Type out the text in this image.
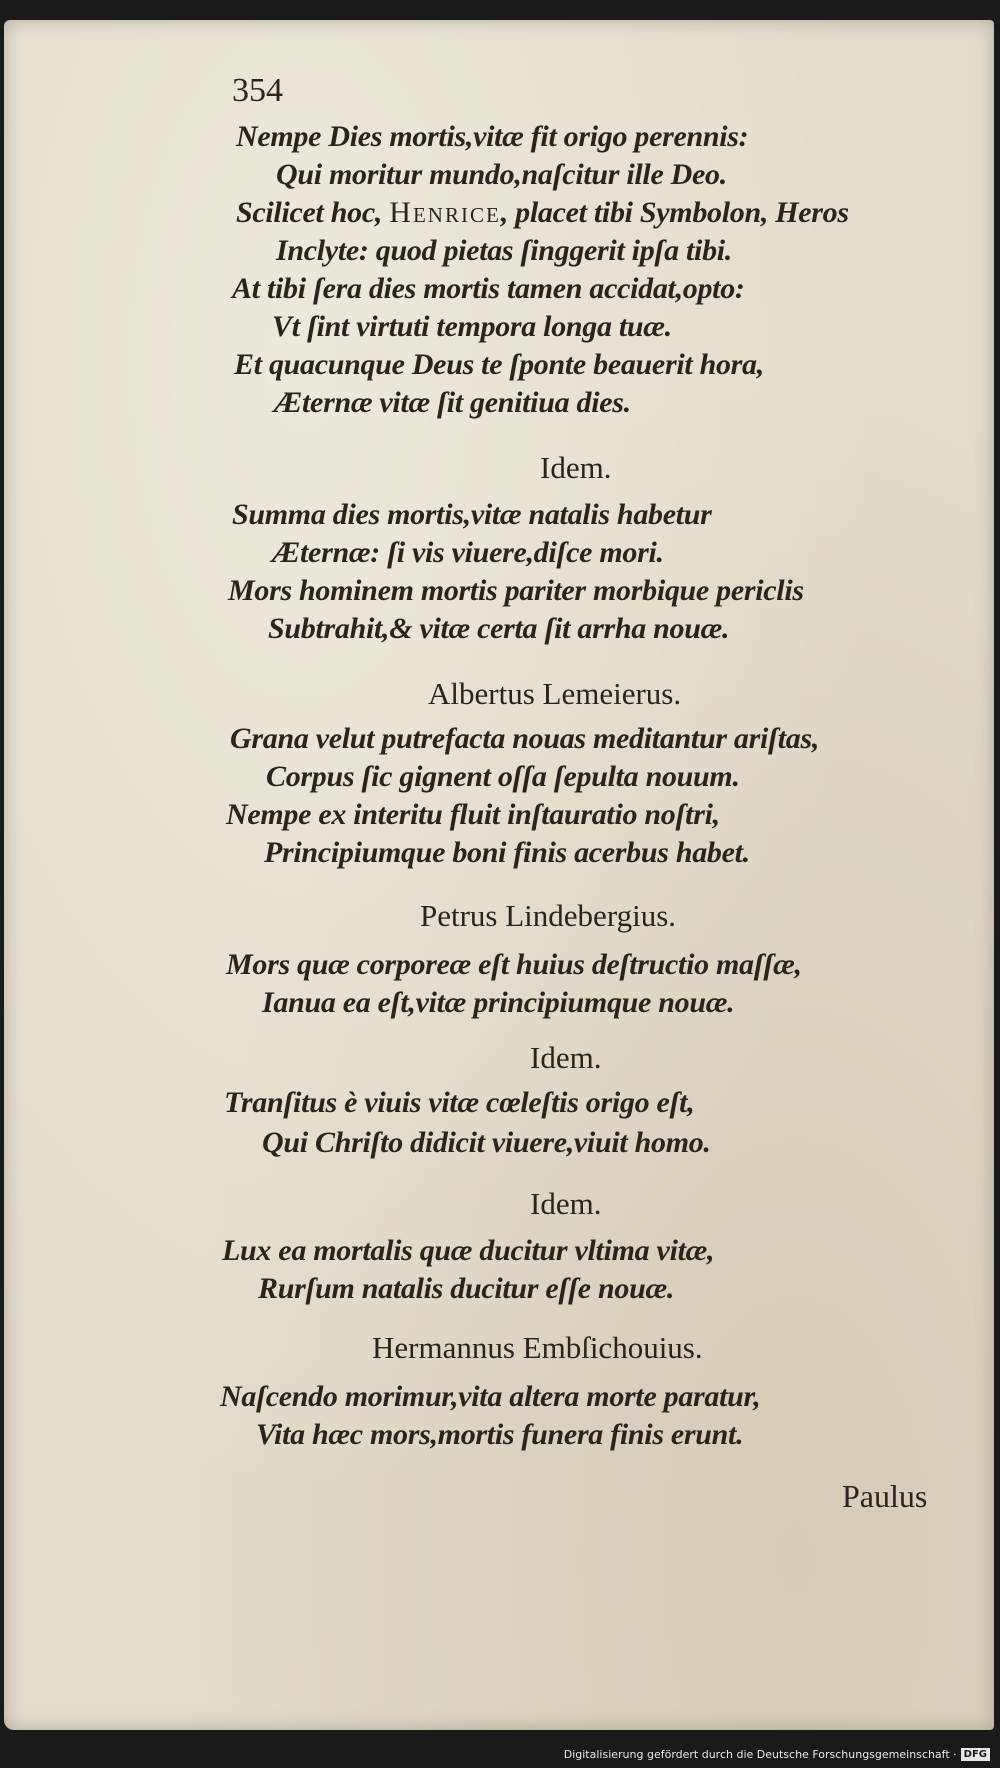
354
Nempe Dies mortis,vitæ fit origo perennis:
Qui moritur mundo,naſcitur ille Deo.
Scilicet hoc, Henrice, placet tibi Symbolon, Heros
Inclyte: quod pietas ſinggerit ipſa tibi.
At tibi ſera dies mortis tamen accidat,opto:
Vt ſint virtuti tempora longa tuæ.
Et quacunque Deus te ſponte beauerit hora,
Æternæ vitæ ſit genitiua dies.
Idem.
Summa dies mortis,vitæ natalis habetur
Æternæ: ſi vis viuere,diſce mori.
Mors hominem mortis pariter morbique periclis
Subtrahit,& vitæ certa ſit arrha nouæ.
Albertus Lemeierus.
Grana velut putrefacta nouas meditantur ariſtas,
Corpus ſic gignent oſſa ſepulta nouum.
Nempe ex interitu fluit inſtauratio noſtri,
Principiumque boni finis acerbus habet.
Petrus Lindebergius.
Mors quæ corporeæ eſt huius deſtructio maſſæ,
Ianua ea eſt,vitæ principiumque nouæ.
Idem.
Tranſitus è viuis vitæ cœleſtis origo eſt,
Qui Chriſto didicit viuere,viuit homo.
Idem.
Lux ea mortalis quæ ducitur vltima vitæ,
Rurſum natalis ducitur eſſe nouæ.
Hermannus Embſichouius.
Naſcendo morimur,vita altera morte paratur,
Vita hæc mors,mortis funera finis erunt.
Paulus
Digitalisierung gefördert durch die Deutsche Forschungsgemeinschaft · DFG
